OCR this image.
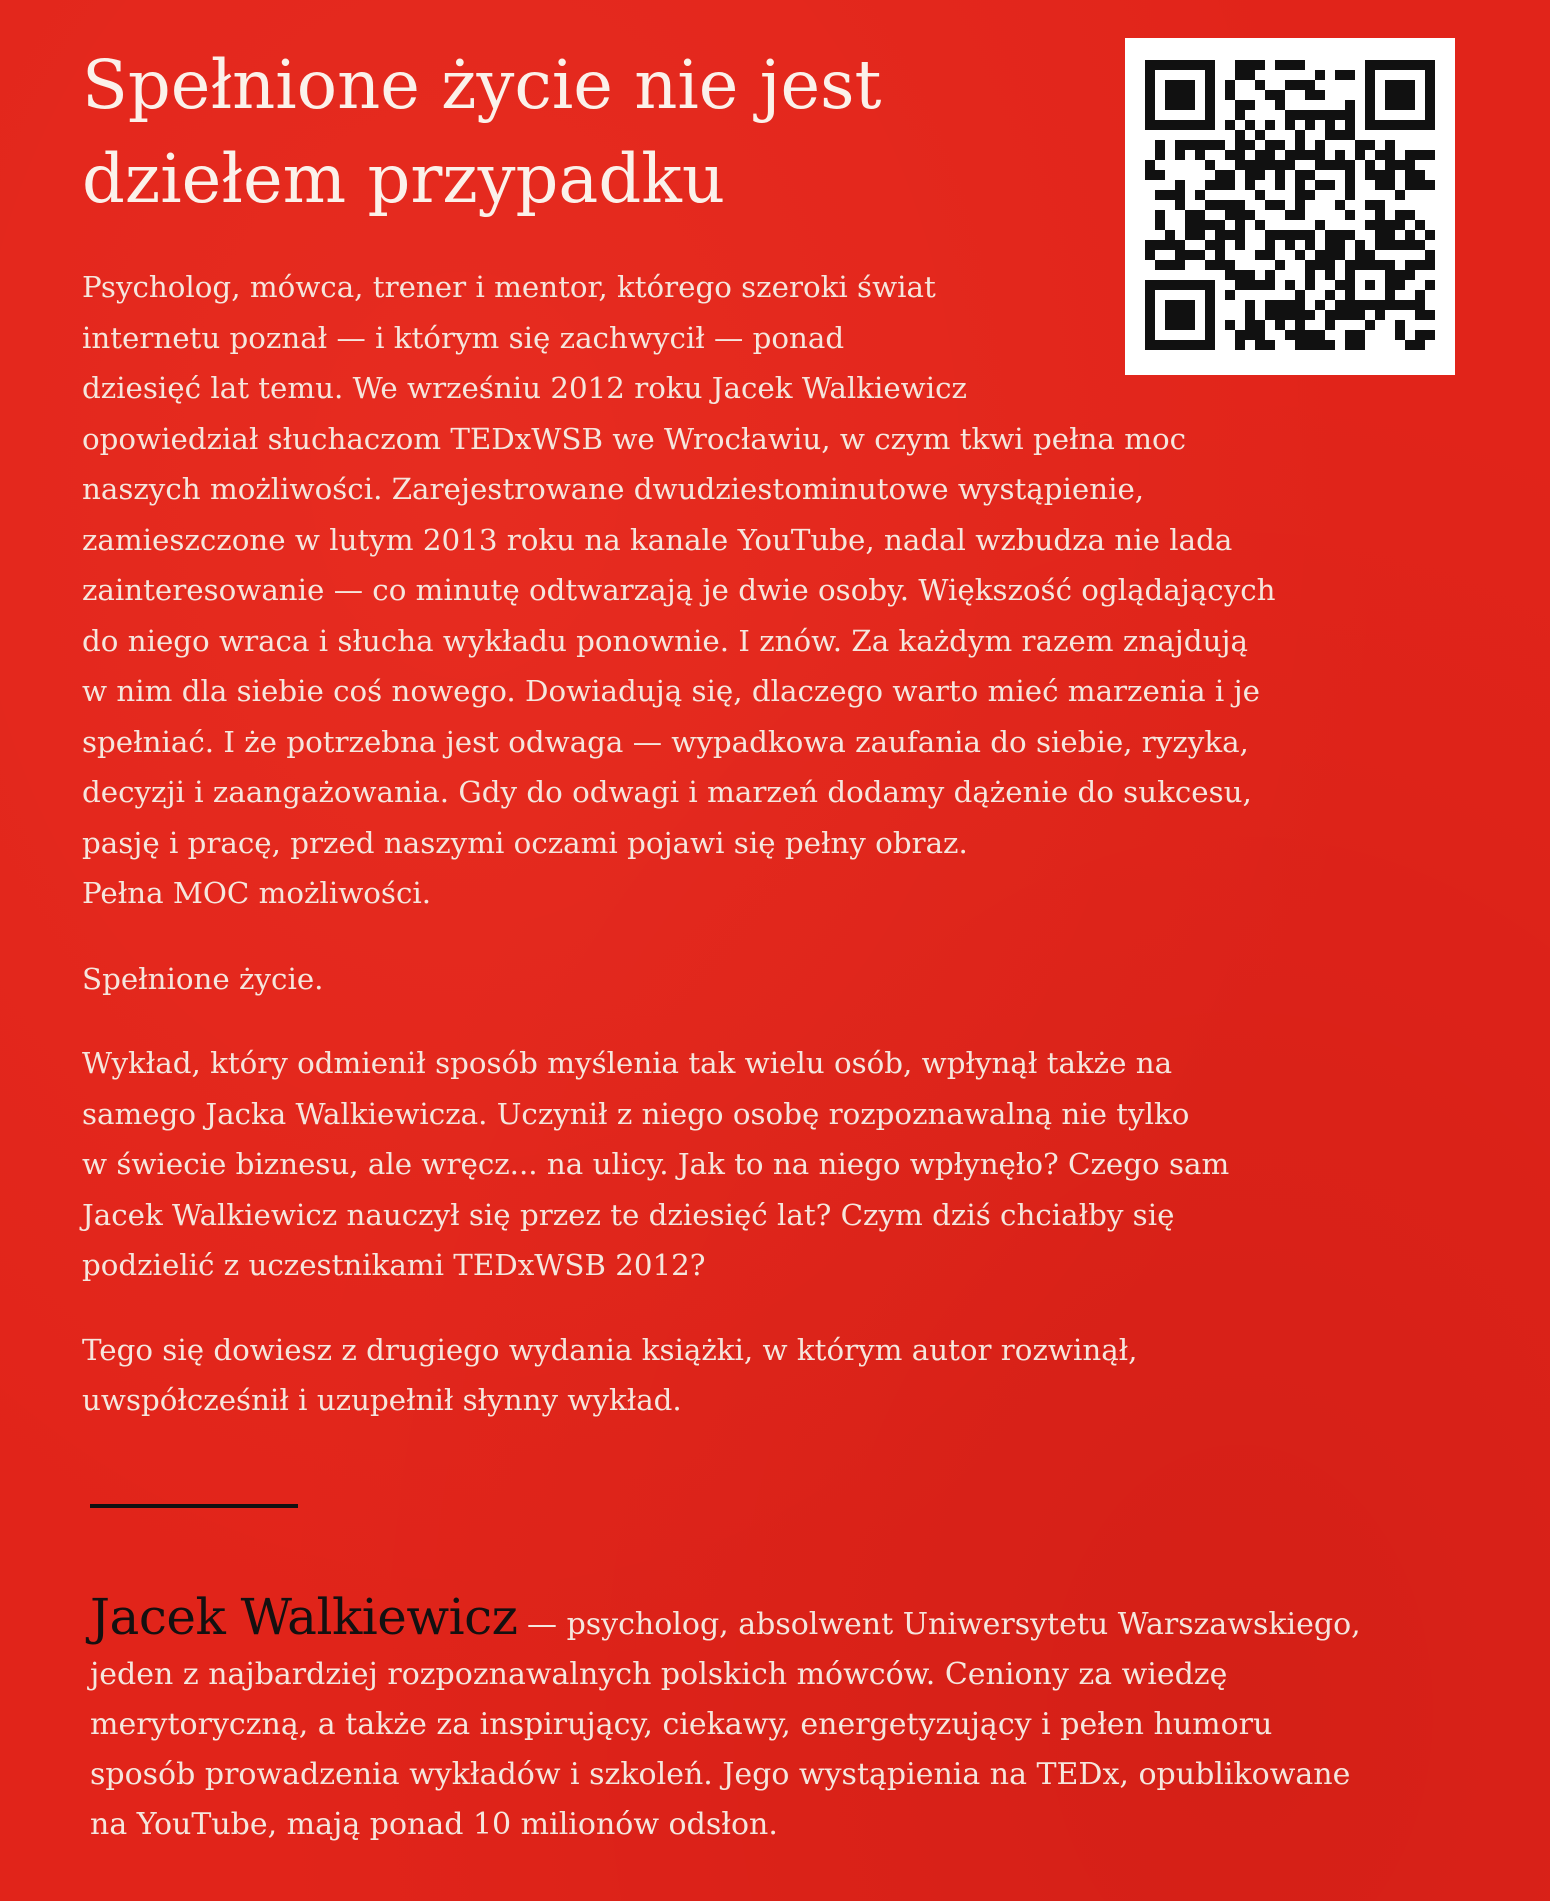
Spełnione życie nie jest
dziełem przypadku

Psycholog, mówca, trener i mentor, którego szeroki świat
internetu poznał — i którym się zachwycił — ponad
dziesięć lat temu. We wrześniu 2012 roku Jacek Walkiewicz
opowiedział słuchaczom TEDxWSB we Wrocławiu, w czym tkwi pełna moc
naszych możliwości. Zarejestrowane dwudziestominutowe wystąpienie,
zamieszczone w lutym 2013 roku na kanale YouTube, nadal wzbudza nie lada
zainteresowanie — co minutę odtwarzają je dwie osoby. Większość oglądających
do niego wraca i słucha wykładu ponownie. I znów. Za każdym razem znajdują
w nim dla siebie coś nowego. Dowiadują się, dlaczego warto mieć marzenia i je
spełniać. I że potrzebna jest odwaga — wypadkowa zaufania do siebie, ryzyka,
decyzji i zaangażowania. Gdy do odwagi i marzeń dodamy dążenie do sukcesu,
pasję i pracę, przed naszymi oczami pojawi się pełny obraz.
Pełna MOC możliwości.

Spełnione życie.

Wykład, który odmienił sposób myślenia tak wielu osób, wpłynął także na
samego Jacka Walkiewicza. Uczynił z niego osobę rozpoznawalną nie tylko
w świecie biznesu, ale wręcz... na ulicy. Jak to na niego wpłynęło? Czego sam
Jacek Walkiewicz nauczył się przez te dziesięć lat? Czym dziś chciałby się
podzielić z uczestnikami TEDxWSB 2012?

Tego się dowiesz z drugiego wydania książki, w którym autor rozwinął,
uwspółcześnił i uzupełnił słynny wykład.

Jacek Walkiewicz — psycholog, absolwent Uniwersytetu Warszawskiego,
jeden z najbardziej rozpoznawalnych polskich mówców. Ceniony za wiedzę
merytoryczną, a także za inspirujący, ciekawy, energetyzujący i pełen humoru
sposób prowadzenia wykładów i szkoleń. Jego wystąpienia na TEDx, opublikowane
na YouTube, mają ponad 10 milionów odsłon.
